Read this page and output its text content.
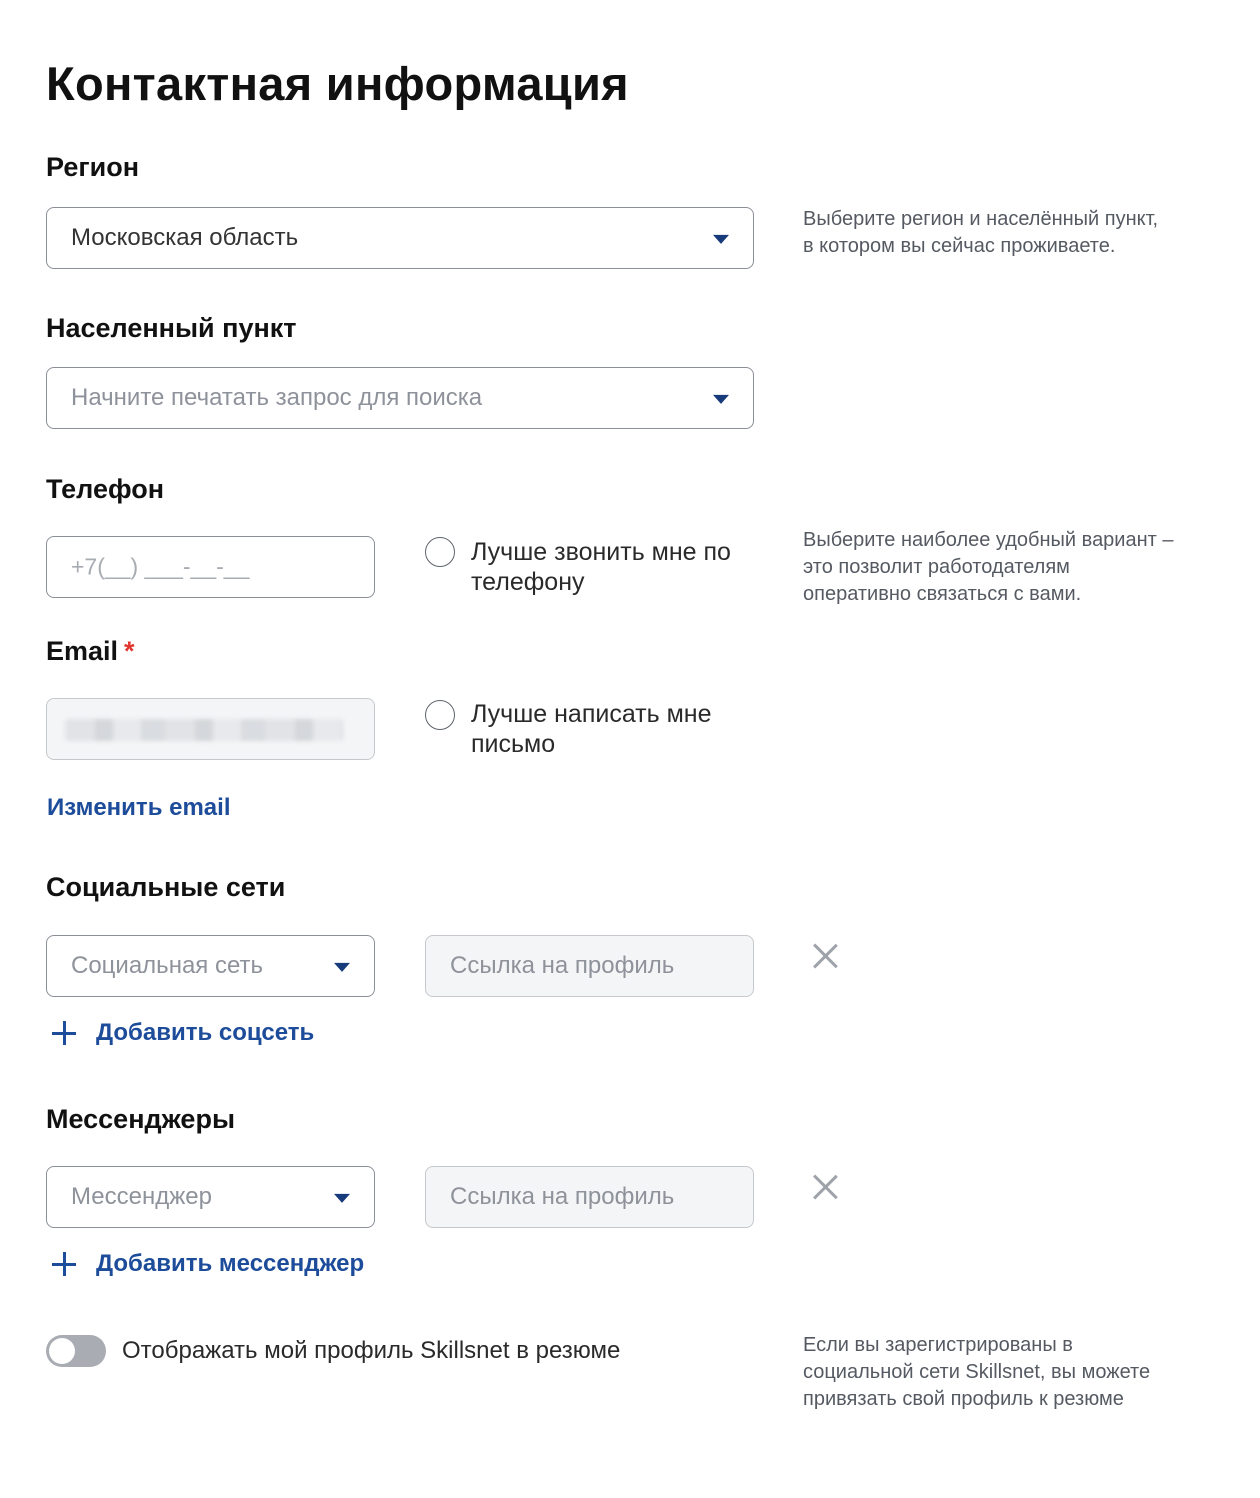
Контактная информация
Регион
Московская область
Выберите регион и населённый пункт,
в котором вы сейчас проживаете.
Населенный пункт
Начните печатать запрос для поиска
Телефон
+7(__) ___-__-__
Лучше звонить мне по
телефону
Выберите наиболее удобный вариант –
это позволит работодателям
оперативно связаться с вами.
Email *
Лучше написать мне
письмо
Изменить email
Социальные сети
Социальная сеть	Ссылка на профиль
Добавить соцсеть
Мессенджеры
Мессенджер	Ссылка на профиль
Добавить мессенджер
Отображать мой профиль Skillsnet в резюме	Если вы зарегистрированы в
социальной сети Skillsnet, вы можете
привязать свой профиль к резюме
